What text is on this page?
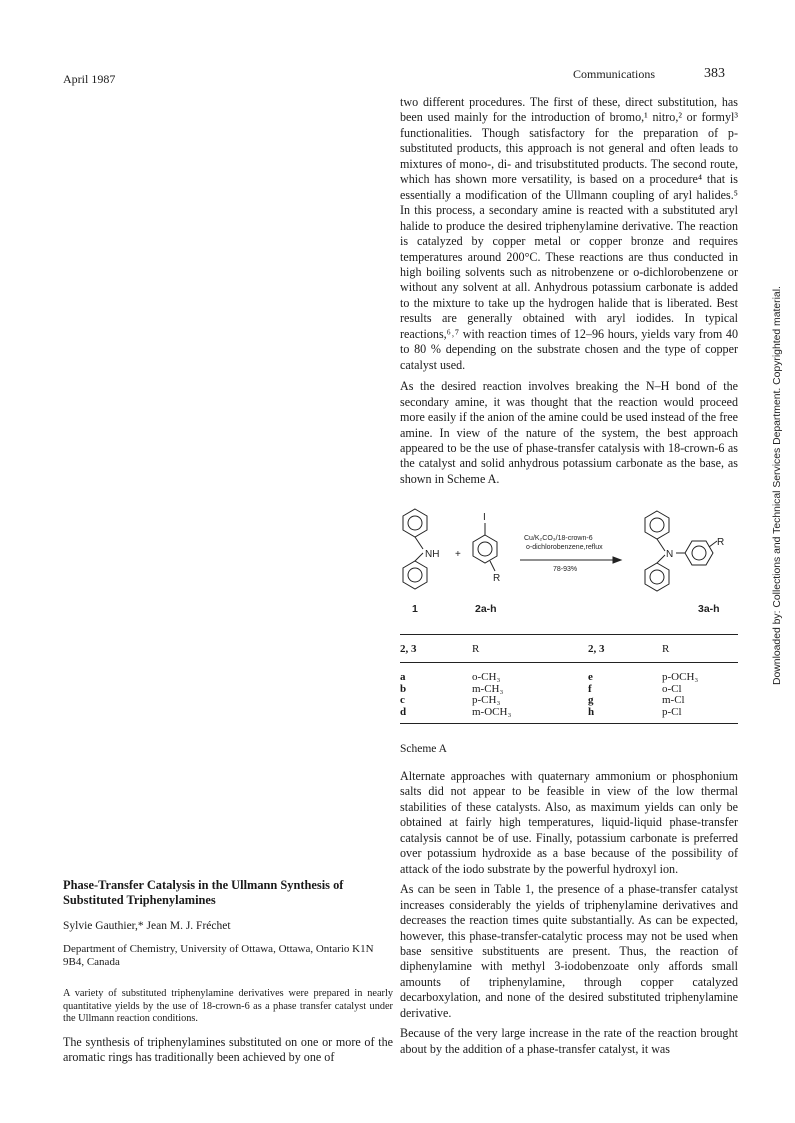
April 1987	Communications	383
Downloaded by: Collections and Technical Services Department. Copyrighted material.

two different procedures. The first of these, direct substitution, has been used mainly for the introduction of bromo,¹ nitro,² or formyl³ functionalities. Though satisfactory for the preparation of p-substituted products, this approach is not general and often leads to mixtures of mono-, di- and trisubstituted products. The second route, which has shown more versatility, is based on a procedure⁴ that is essentially a modification of the Ullmann coupling of aryl halides.⁵ In this process, a secondary amine is reacted with a substituted aryl halide to produce the desired triphenylamine derivative. The reaction is catalyzed by copper metal or copper bronze and requires temperatures around 200°C. These reactions are thus conducted in high boiling solvents such as nitrobenzene or o-dichlorobenzene or without any solvent at all. Anhydrous potassium carbonate is added to the mixture to take up the hydrogen halide that is liberated. Best results are generally obtained with aryl iodides. In typical reactions,⁶˒⁷ with reaction times of 12–96 hours, yields vary from 40 to 80 % depending on the substrate chosen and the type of copper catalyst used.

As the desired reaction involves breaking the N–H bond of the secondary amine, it was thought that the reaction would proceed more easily if the anion of the amine could be used instead of the free amine. In view of the nature of the system, the best approach appeared to be the use of phase-transfer catalysis with 18-crown-6 as the catalyst and solid anhydrous potassium carbonate as the base, as shown in Scheme A.

NH +
I
R
Cu/K₂CO₃/18-crown-6
o-dichlorobenzene,reflux
78-93%
N
R
1	2a-h	3a-h
2, 3	R	2, 3	R
a	o-CH₃	e	p-OCH₃
b	m-CH₃	f	o-Cl
c	p-CH₃	g	m-Cl
d	m-OCH₃	h	p-Cl
Scheme A

Alternate approaches with quaternary ammonium or phosphonium salts did not appear to be feasible in view of the low thermal stabilities of these catalysts. Also, as maximum yields can only be obtained at fairly high temperatures, liquid-liquid phase-transfer catalysis cannot be of use. Finally, potassium carbonate is preferred over potassium hydroxide as a base because of the possibility of attack of the iodo substrate by the powerful hydroxyl ion.

As can be seen in Table 1, the presence of a phase-transfer catalyst increases considerably the yields of triphenylamine derivatives and decreases the reaction times quite substantially. As can be expected, however, this phase-transfer-catalytic process may not be used when base sensitive substituents are present. Thus, the reaction of diphenylamine with methyl 3-iodobenzoate only affords small amounts of triphenylamine, through copper catalyzed decarboxylation, and none of the desired substituted triphenylamine derivative.

Because of the very large increase in the rate of the reaction brought about by the addition of a phase-transfer catalyst, it was

Phase-Transfer Catalysis in the Ullmann Synthesis of Substituted Triphenylamines
Sylvie Gauthier,* Jean M. J. Fréchet
Department of Chemistry, University of Ottawa, Ottawa, Ontario K1N 9B4, Canada
A variety of substituted triphenylamine derivatives were prepared in nearly quantitative yields by the use of 18-crown-6 as a phase transfer catalyst under the Ullmann reaction conditions.
The synthesis of triphenylamines substituted on one or more of the aromatic rings has traditionally been achieved by one of
